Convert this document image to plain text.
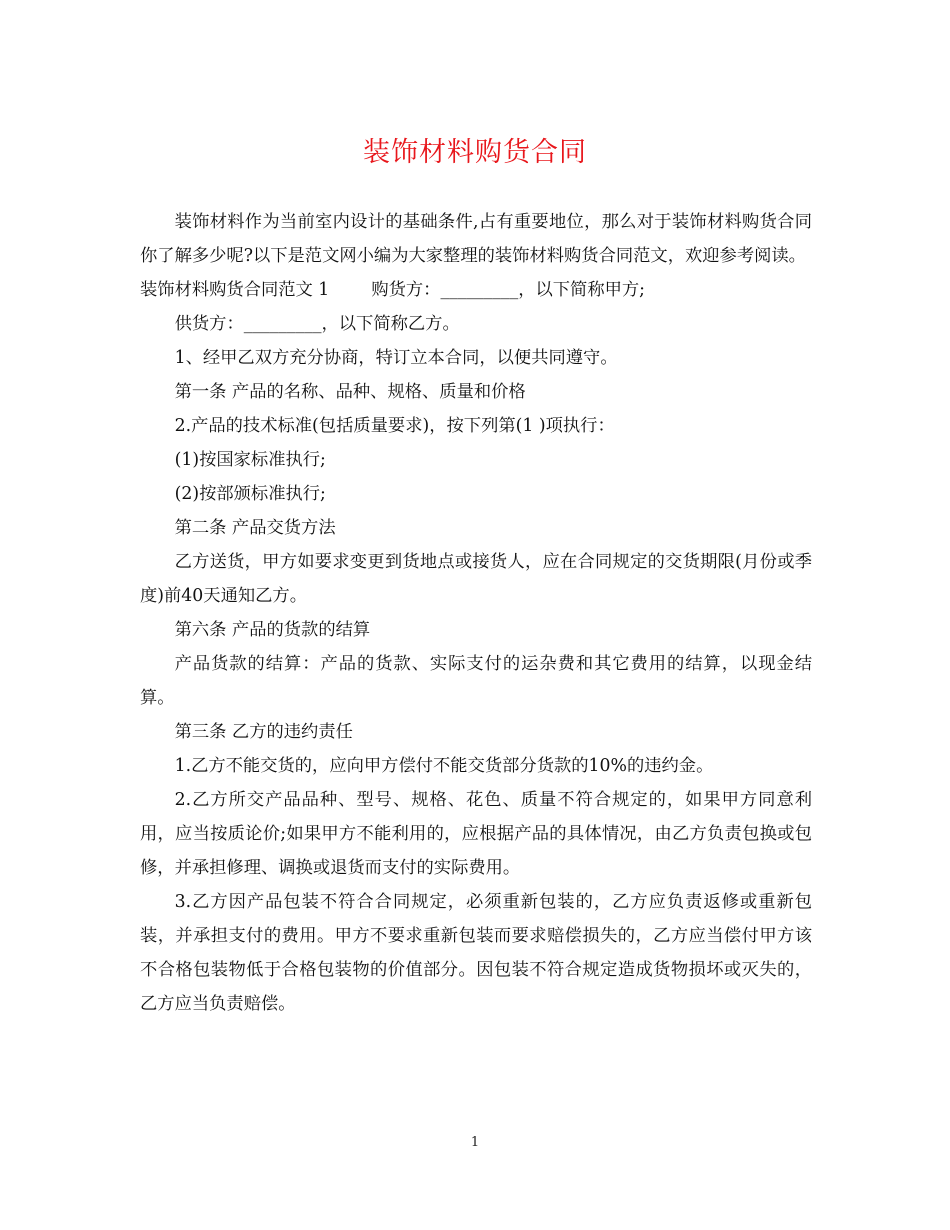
装饰材料购货合同

装饰材料作为当前室内设计的基础条件,占有重要地位，那么对于装饰材料购货合同你了解多少呢?以下是范文网小编为大家整理的装饰材料购货合同范文，欢迎参考阅读。

装饰材料购货合同范文 1 购货方：_________，以下简称甲方;

供货方：_________，以下简称乙方。

1、经甲乙双方充分协商，特订立本合同，以便共同遵守。

第一条 产品的名称、品种、规格、质量和价格

2.产品的技术标准(包括质量要求)，按下列第(1 )项执行：

(1)按国家标准执行;

(2)按部颁标准执行;

第二条 产品交货方法

乙方送货，甲方如要求变更到货地点或接货人，应在合同规定的交货期限(月份或季度)前40天通知乙方。

第六条 产品的货款的结算

产品货款的结算：产品的货款、实际支付的运杂费和其它费用的结算，以现金结算。

第三条 乙方的违约责任

1.乙方不能交货的，应向甲方偿付不能交货部分货款的10%的违约金。

2.乙方所交产品品种、型号、规格、花色、质量不符合规定的，如果甲方同意利用，应当按质论价;如果甲方不能利用的，应根据产品的具体情况，由乙方负责包换或包修，并承担修理、调换或退货而支付的实际费用。

3.乙方因产品包装不符合合同规定，必须重新包装的，乙方应负责返修或重新包装，并承担支付的费用。甲方不要求重新包装而要求赔偿损失的，乙方应当偿付甲方该不合格包装物低于合格包装物的价值部分。因包装不符合规定造成货物损坏或灭失的，乙方应当负责赔偿。

1
